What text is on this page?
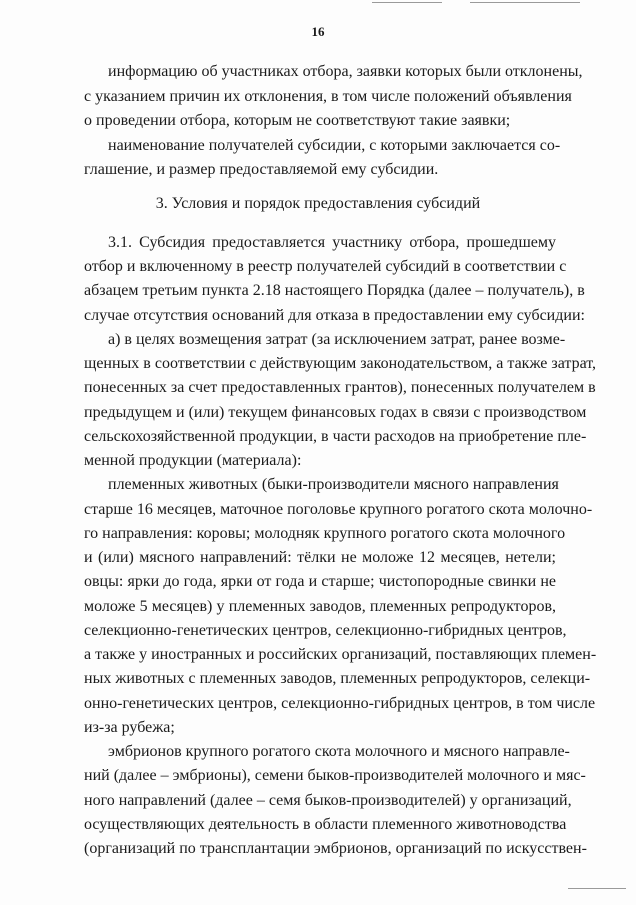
16
информацию об участниках отбора, заявки которых были отклонены,
с указанием причин их отклонения, в том числе положений объявления
о проведении отбора, которым не соответствуют такие заявки;
наименование получателей субсидии, с которыми заключается со-
глашение, и размер предоставляемой ему субсидии.
3. Условия и порядок предоставления субсидий
3.1. Субсидия предоставляется участнику отбора, прошедшему
отбор и включенному в реестр получателей субсидий в соответствии с
абзацем третьим пункта 2.18 настоящего Порядка (далее – получатель), в
случае отсутствия оснований для отказа в предоставлении ему субсидии:
а) в целях возмещения затрат (за исключением затрат, ранее возме-
щенных в соответствии с действующим законодательством, а также затрат,
понесенных за счет предоставленных грантов), понесенных получателем в
предыдущем и (или) текущем финансовых годах в связи с производством
сельскохозяйственной продукции, в части расходов на приобретение пле-
менной продукции (материала):
племенных животных (быки-производители мясного направления
старше 16 месяцев, маточное поголовье крупного рогатого скота молочно-
го направления: коровы; молодняк крупного рогатого скота молочного
и (или) мясного направлений: тёлки не моложе 12 месяцев, нетели;
овцы: ярки до года, ярки от года и старше; чистопородные свинки не
моложе 5 месяцев) у племенных заводов, племенных репродукторов,
селекционно-генетических центров, селекционно-гибридных центров,
а также у иностранных и российских организаций, поставляющих племен-
ных животных с племенных заводов, племенных репродукторов, селекци-
онно-генетических центров, селекционно-гибридных центров, в том числе
из-за рубежа;
эмбрионов крупного рогатого скота молочного и мясного направле-
ний (далее – эмбрионы), семени быков-производителей молочного и мяс-
ного направлений (далее – семя быков-производителей) у организаций,
осуществляющих деятельность в области племенного животноводства
(организаций по трансплантации эмбрионов, организаций по искусствен-
